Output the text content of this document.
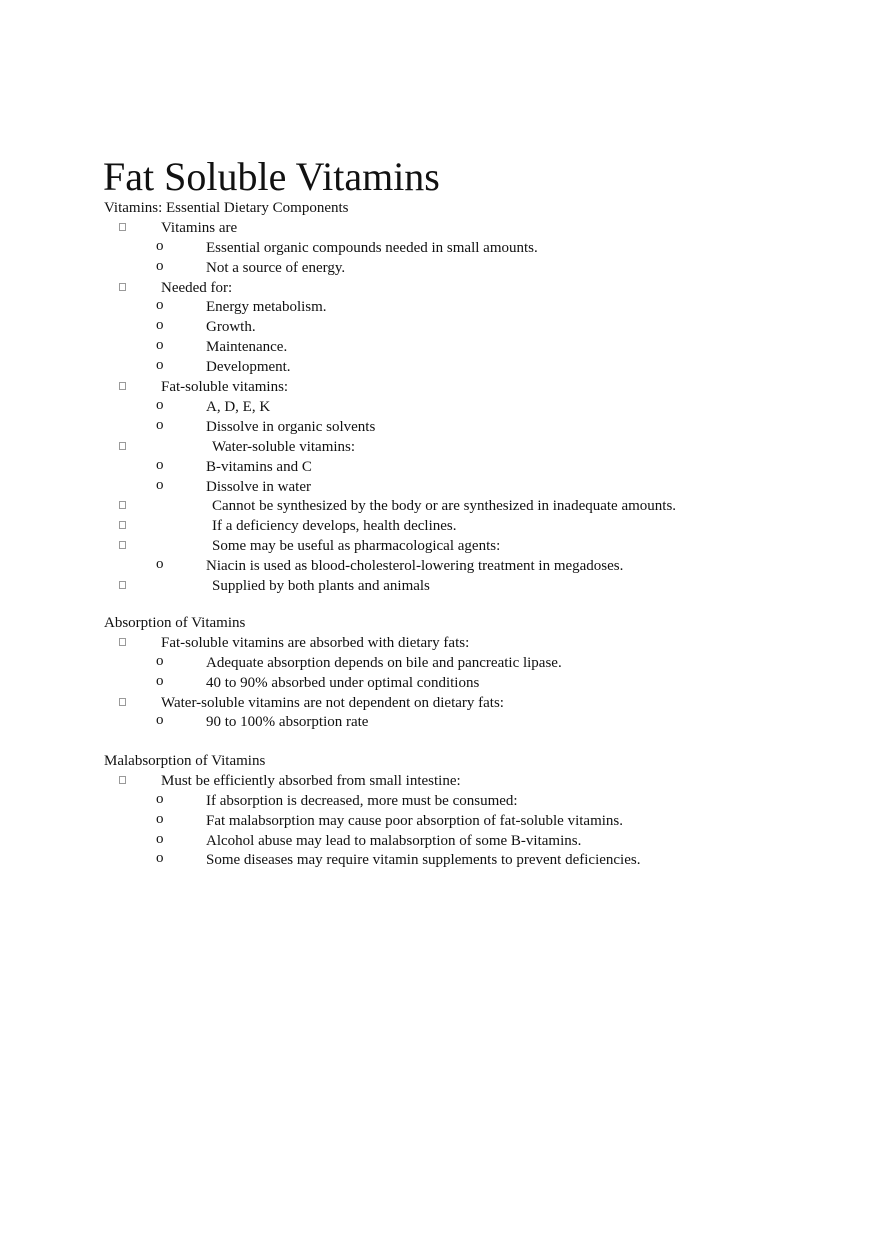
Fat Soluble Vitamins
Vitamins: Essential Dietary Components
Vitamins are
o	Essential organic compounds needed in small amounts.
o	Not a source of energy.
Needed for:
o	Energy metabolism.
o	Growth.
o	Maintenance.
o	Development.
Fat-soluble vitamins:
o	A, D, E, K
o	Dissolve in organic solvents
Water-soluble vitamins:
o	B-vitamins and C
o	Dissolve in water
Cannot be synthesized by the body or are synthesized in inadequate amounts.
If a deficiency develops, health declines.
Some may be useful as pharmacological agents:
o	Niacin is used as blood-cholesterol-lowering treatment in megadoses.
Supplied by both plants and animals
Absorption of Vitamins
Fat-soluble vitamins are absorbed with dietary fats:
o	Adequate absorption depends on bile and pancreatic lipase.
o	40 to 90% absorbed under optimal conditions
Water-soluble vitamins are not dependent on dietary fats:
o	90 to 100% absorption rate
Malabsorption of Vitamins
Must be efficiently absorbed from small intestine:
o	If absorption is decreased, more must be consumed:
o	Fat malabsorption may cause poor absorption of fat-soluble vitamins.
o	Alcohol abuse may lead to malabsorption of some B-vitamins.
o	Some diseases may require vitamin supplements to prevent deficiencies.
